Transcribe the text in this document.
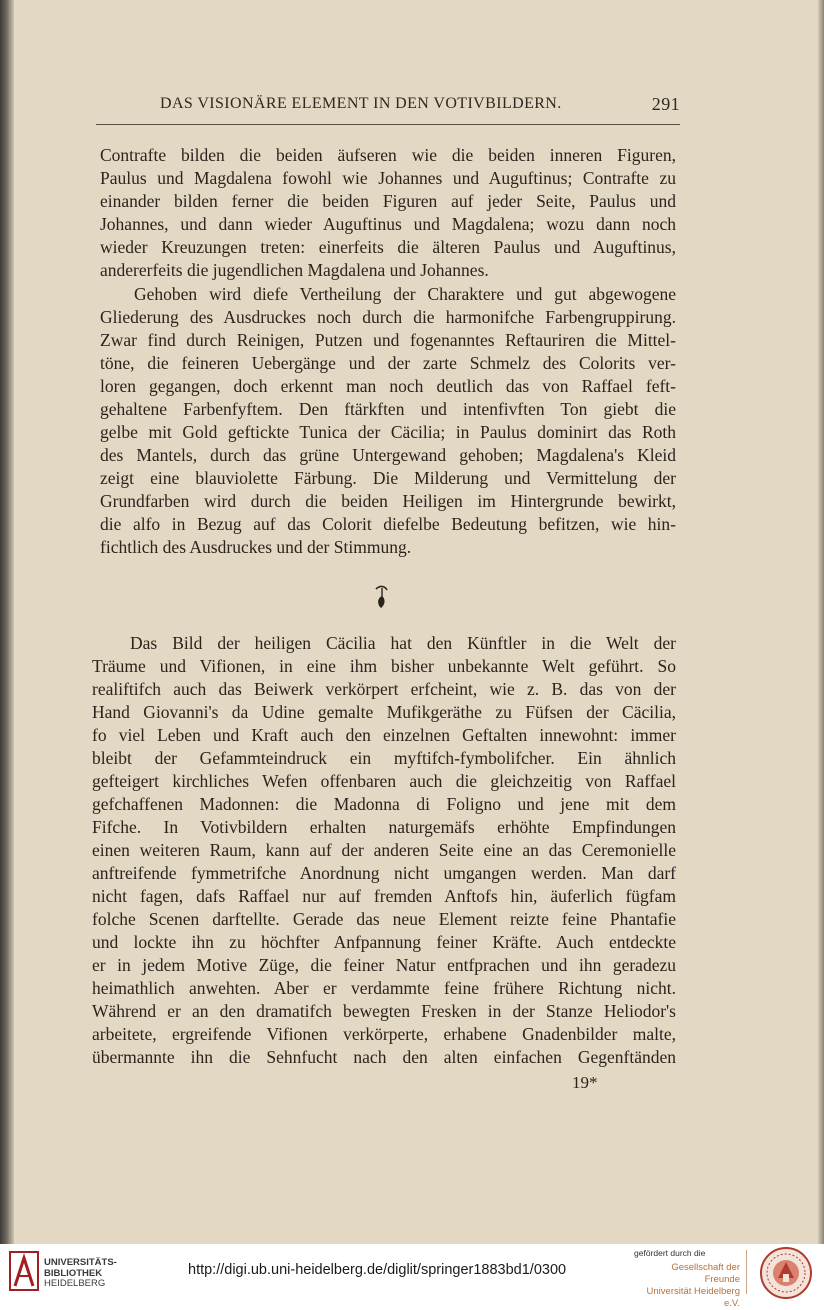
DAS VISIONÄRE ELEMENT IN DEN VOTIVBILDERN.	291
Contrafte bilden die beiden äufseren wie die beiden inneren Figuren,
Paulus und Magdalena fowohl wie Johannes und Auguftinus; Contrafte zu
einander bilden ferner die beiden Figuren auf jeder Seite, Paulus und
Johannes, und dann wieder Auguftinus und Magdalena; wozu dann noch
wieder Kreuzungen treten: einerfeits die älteren Paulus und Auguftinus,
andererfeits die jugendlichen Magdalena und Johannes.
Gehoben wird diefe Vertheilung der Charaktere und gut abgewogene
Gliederung des Ausdruckes noch durch die harmonifche Farbengruppirung.
Zwar find durch Reinigen, Putzen und fogenanntes Reftauriren die Mittel-
töne, die feineren Uebergänge und der zarte Schmelz des Colorits ver-
loren gegangen, doch erkennt man noch deutlich das von Raffael feft-
gehaltene Farbenfyftem. Den ftärkften und intenfivften Ton giebt die
gelbe mit Gold geftickte Tunica der Cäcilia; in Paulus dominirt das Roth
des Mantels, durch das grüne Untergewand gehoben; Magdalena's Kleid
zeigt eine blauviolette Färbung. Die Milderung und Vermittelung der
Grundfarben wird durch die beiden Heiligen im Hintergrunde bewirkt,
die alfo in Bezug auf das Colorit diefelbe Bedeutung befitzen, wie hin-
fichtlich des Ausdruckes und der Stimmung.
Das Bild der heiligen Cäcilia hat den Künftler in die Welt der
Träume und Vifionen, in eine ihm bisher unbekannte Welt geführt. So
realiftifch auch das Beiwerk verkörpert erfcheint, wie z. B. das von der
Hand Giovanni's da Udine gemalte Mufikgeräthe zu Füfsen der Cäcilia,
fo viel Leben und Kraft auch den einzelnen Geftalten innewohnt: immer
bleibt der Gefammteindruck ein myftifch-fymbolifcher. Ein ähnlich
gefteigert kirchliches Wefen offenbaren auch die gleichzeitig von Raffael
gefchaffenen Madonnen: die Madonna di Foligno und jene mit dem
Fifche. In Votivbildern erhalten naturgemäfs erhöhte Empfindungen
einen weiteren Raum, kann auf der anderen Seite eine an das Ceremonielle
anftreifende fymmetrifche Anordnung nicht umgangen werden. Man darf
nicht fagen, dafs Raffael nur auf fremden Anftofs hin, äuferlich fügfam
folche Scenen darftellte. Gerade das neue Element reizte feine Phantafie
und lockte ihn zu höchfter Anfpannung feiner Kräfte. Auch entdeckte
er in jedem Motive Züge, die feiner Natur entfprachen und ihn geradezu
heimathlich anwehten. Aber er verdammte feine frühere Richtung nicht.
Während er an den dramatifch bewegten Fresken in der Stanze Heliodor's
arbeitete, ergreifende Vifionen verkörperte, erhabene Gnadenbilder malte,
übermannte ihn die Sehnfucht nach den alten einfachen Gegenftänden
19*
UNIVERSITÄTS-
BIBLIOTHEK
HEIDELBERG
http://digi.ub.uni-heidelberg.de/diglit/springer1883bd1/0300
gefördert durch die
Gesellschaft der Freunde
Universität Heidelberg e.V.
